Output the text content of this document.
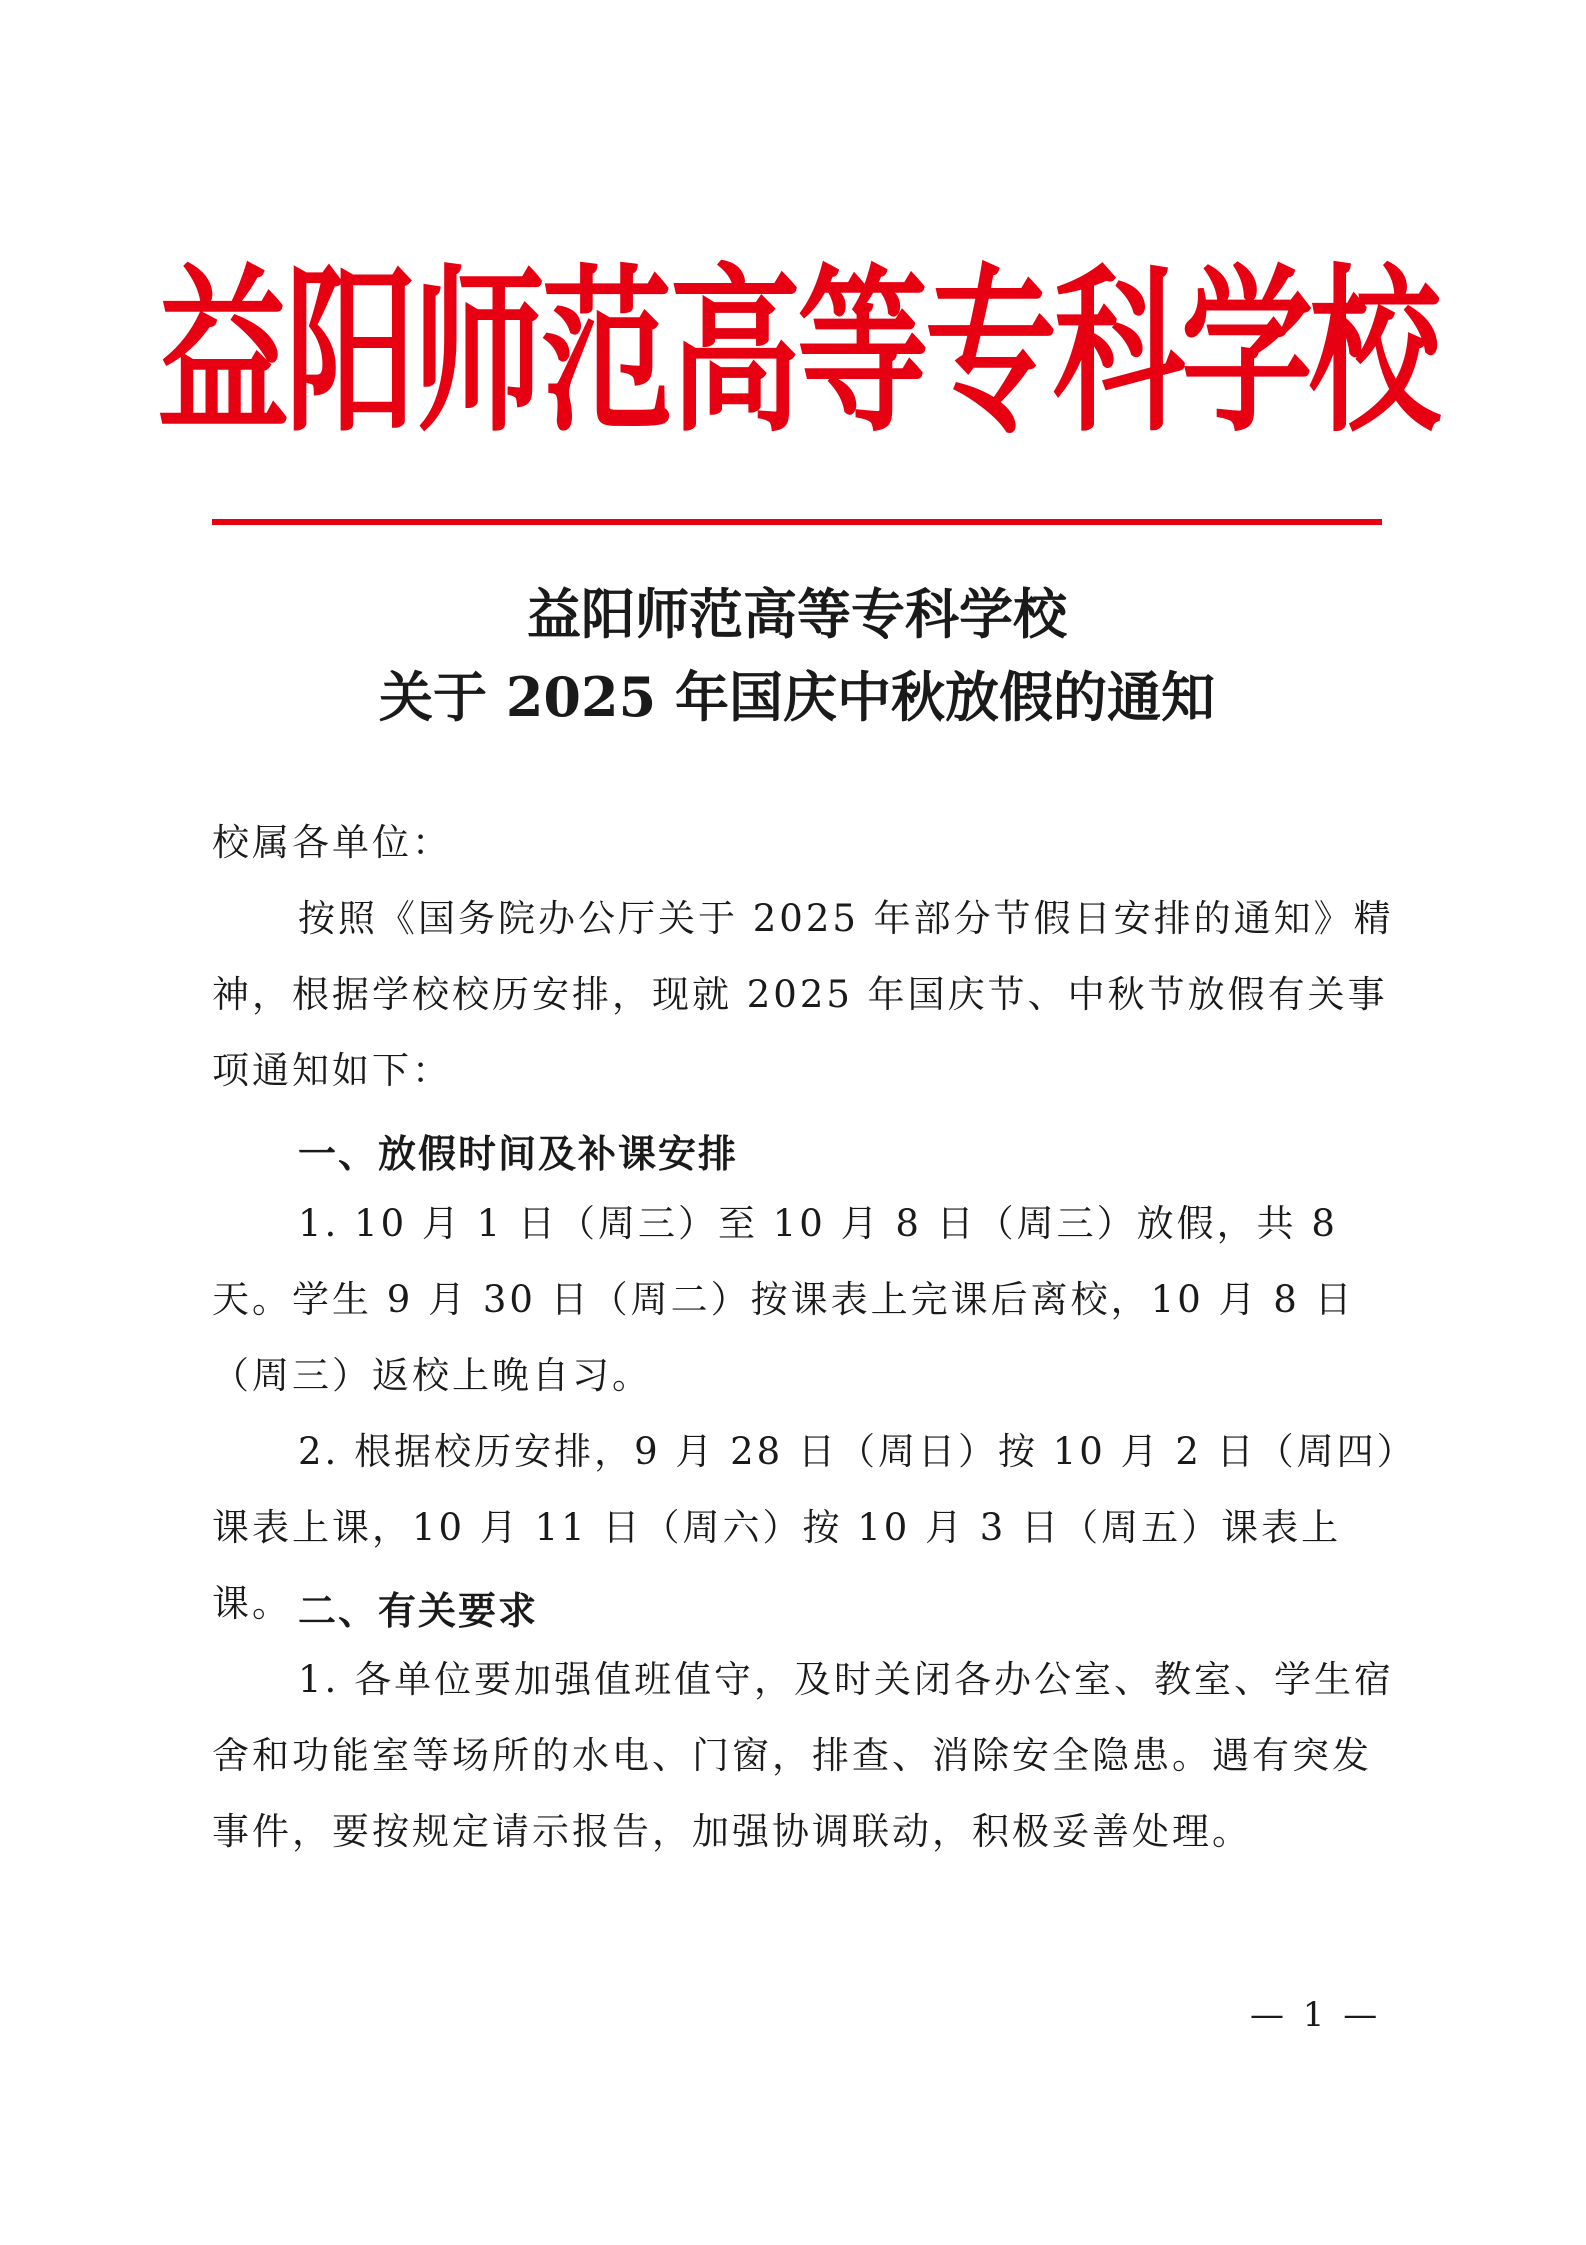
益阳师范高等专科学校
益阳师范高等专科学校
关于 2025 年国庆中秋放假的通知
校属各单位：
按照《国务院办公厅关于 2025 年部分节假日安排的通知》精神，根据学校校历安排，现就 2025 年国庆节、中秋节放假有关事项通知如下：
一、放假时间及补课安排
1. 10 月 1 日（周三）至 10 月 8 日（周三）放假，共 8 天。学生 9 月 30 日（周二）按课表上完课后离校，10 月 8 日（周三）返校上晚自习。
2. 根据校历安排，9 月 28 日（周日）按 10 月 2 日（周四）课表上课，10 月 11 日（周六）按 10 月 3 日（周五）课表上课。 二、有关要求
1. 各单位要加强值班值守，及时关闭各办公室、教室、学生宿舍和功能室等场所的水电、门窗，排查、消除安全隐患。遇有突发事件，要按规定请示报告，加强协调联动，积极妥善处理。
— 1 —
